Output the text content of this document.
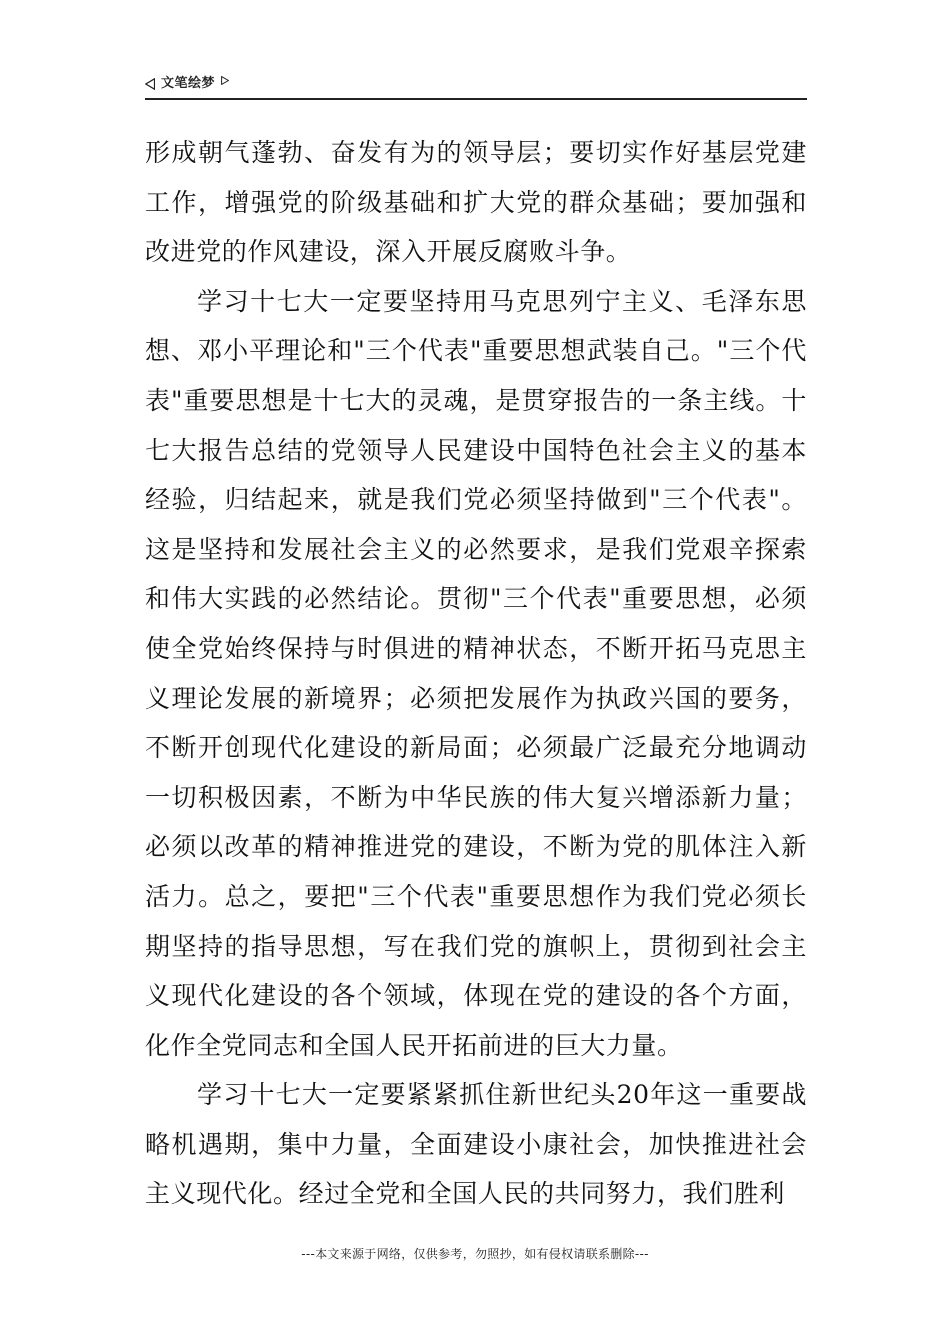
文笔绘梦

形成朝气蓬勃、奋发有为的领导层；要切实作好基层党建工作，增强党的阶级基础和扩大党的群众基础；要加强和改进党的作风建设，深入开展反腐败斗争。

学习十七大一定要坚持用马克思列宁主义、毛泽东思想、邓小平理论和"三个代表"重要思想武装自己。"三个代表"重要思想是十七大的灵魂，是贯穿报告的一条主线。十七大报告总结的党领导人民建设中国特色社会主义的基本经验，归结起来，就是我们党必须坚持做到"三个代表"。这是坚持和发展社会主义的必然要求，是我们党艰辛探索和伟大实践的必然结论。贯彻"三个代表"重要思想，必须使全党始终保持与时俱进的精神状态，不断开拓马克思主义理论发展的新境界；必须把发展作为执政兴国的要务，不断开创现代化建设的新局面；必须最广泛最充分地调动一切积极因素，不断为中华民族的伟大复兴增添新力量；必须以改革的精神推进党的建设，不断为党的肌体注入新活力。总之，要把"三个代表"重要思想作为我们党必须长期坚持的指导思想，写在我们党的旗帜上，贯彻到社会主义现代化建设的各个领域，体现在党的建设的各个方面，化作全党同志和全国人民开拓前进的巨大力量。

学习十七大一定要紧紧抓住新世纪头20年这一重要战略机遇期，集中力量，全面建设小康社会，加快推进社会主义现代化。经过全党和全国人民的共同努力，我们胜利

---本文来源于网络，仅供参考，勿照抄，如有侵权请联系删除---
